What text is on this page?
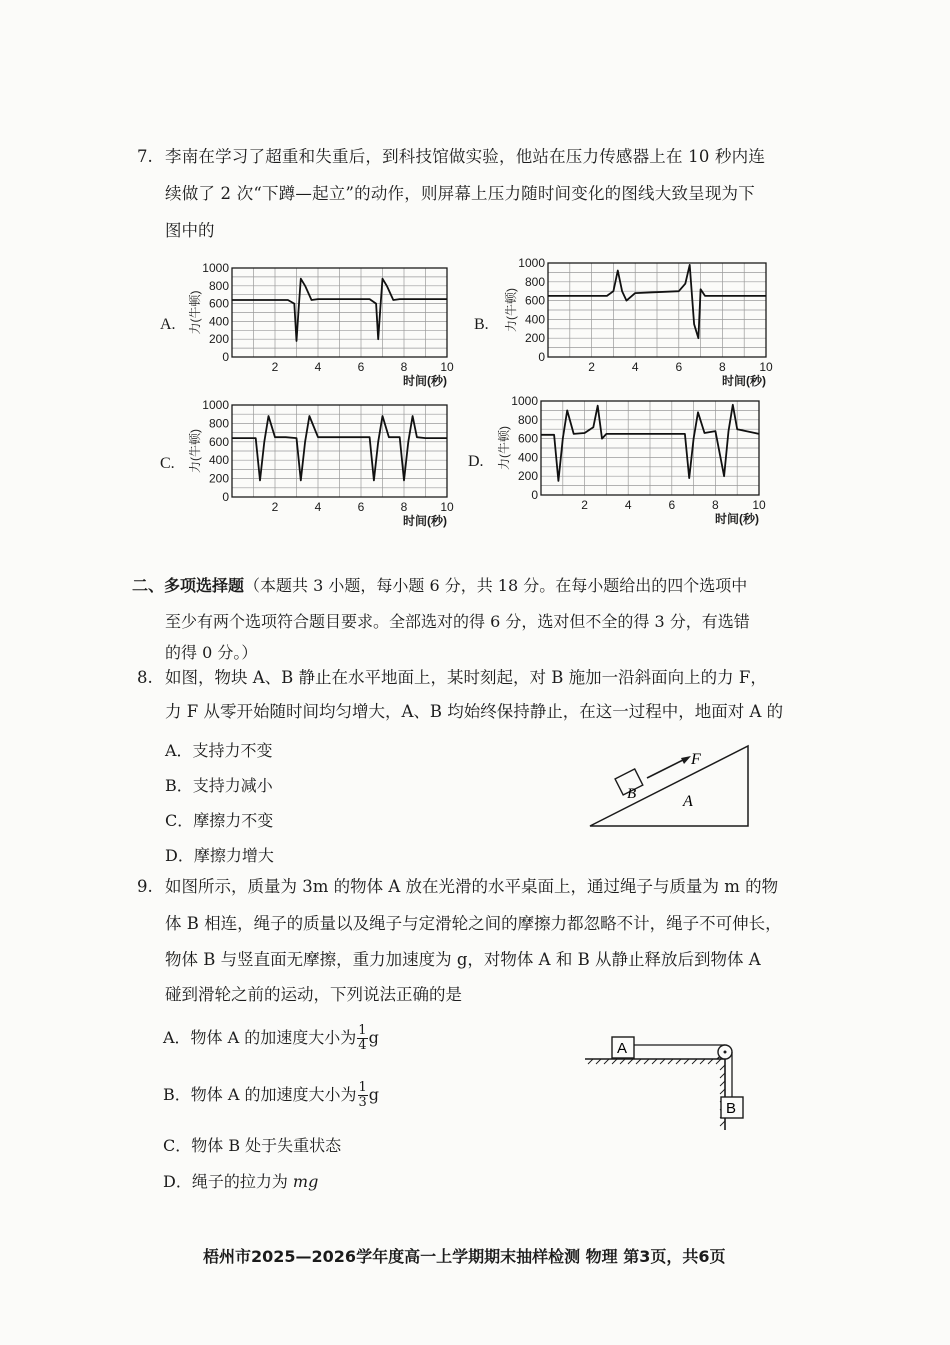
7. 李南在学习了超重和失重后，到科技馆做实验，他站在压力传感器上在 10 秒内连
续做了 2 次“下蹲—起立”的动作，则屏幕上压力随时间变化的图线大致呈现为下
图中的
A.	B.
C.	D.
0
200
400
600
800
1000
2	4	6	8	10
力(牛顿)
时间(秒)
0
200
400
600
800
1000
2	4	6	8	10
力(牛顿)
时间(秒)
0
200
400
600
800
1000
2	4	6	8	10
力(牛顿)
时间(秒)
0
200
400
600
800
1000
2	4	6	8	10
力(牛顿)
时间(秒)
二、多项选择题（本题共 3 小题，每小题 6 分，共 18 分。在每小题给出的四个选项中
至少有两个选项符合题目要求。全部选对的得 6 分，选对但不全的得 3 分，有选错
的得 0 分。）
8. 如图，物块 A、B 静止在水平地面上，某时刻起，对 B 施加一沿斜面向上的力 F，
力 F 从零开始随时间均匀增大，A、B 均始终保持静止，在这一过程中，地面对 A 的
A．支持力不变
B．支持力减小
C．摩擦力不变
D．摩擦力增大
B
F
A
9. 如图所示，质量为 3m 的物体 A 放在光滑的水平桌面上，通过绳子与质量为 m 的物
体 B 相连，绳子的质量以及绳子与定滑轮之间的摩擦力都忽略不计，绳子不可伸长，
物体 B 与竖直面无摩擦，重力加速度为 g，对物体 A 和 B 从静止释放后到物体 A
碰到滑轮之前的运动，下列说法正确的是
A．物体 A 的加速度大小为 $\frac{1}{4}$ g
B．物体 A 的加速度大小为 $\frac{1}{3}$ g
C．物体 B 处于失重状态
D．绳子的拉力为 mg
A
B
梧州市2025—2026学年度高一上学期期末抽样检测 物理 第3页，共6页
